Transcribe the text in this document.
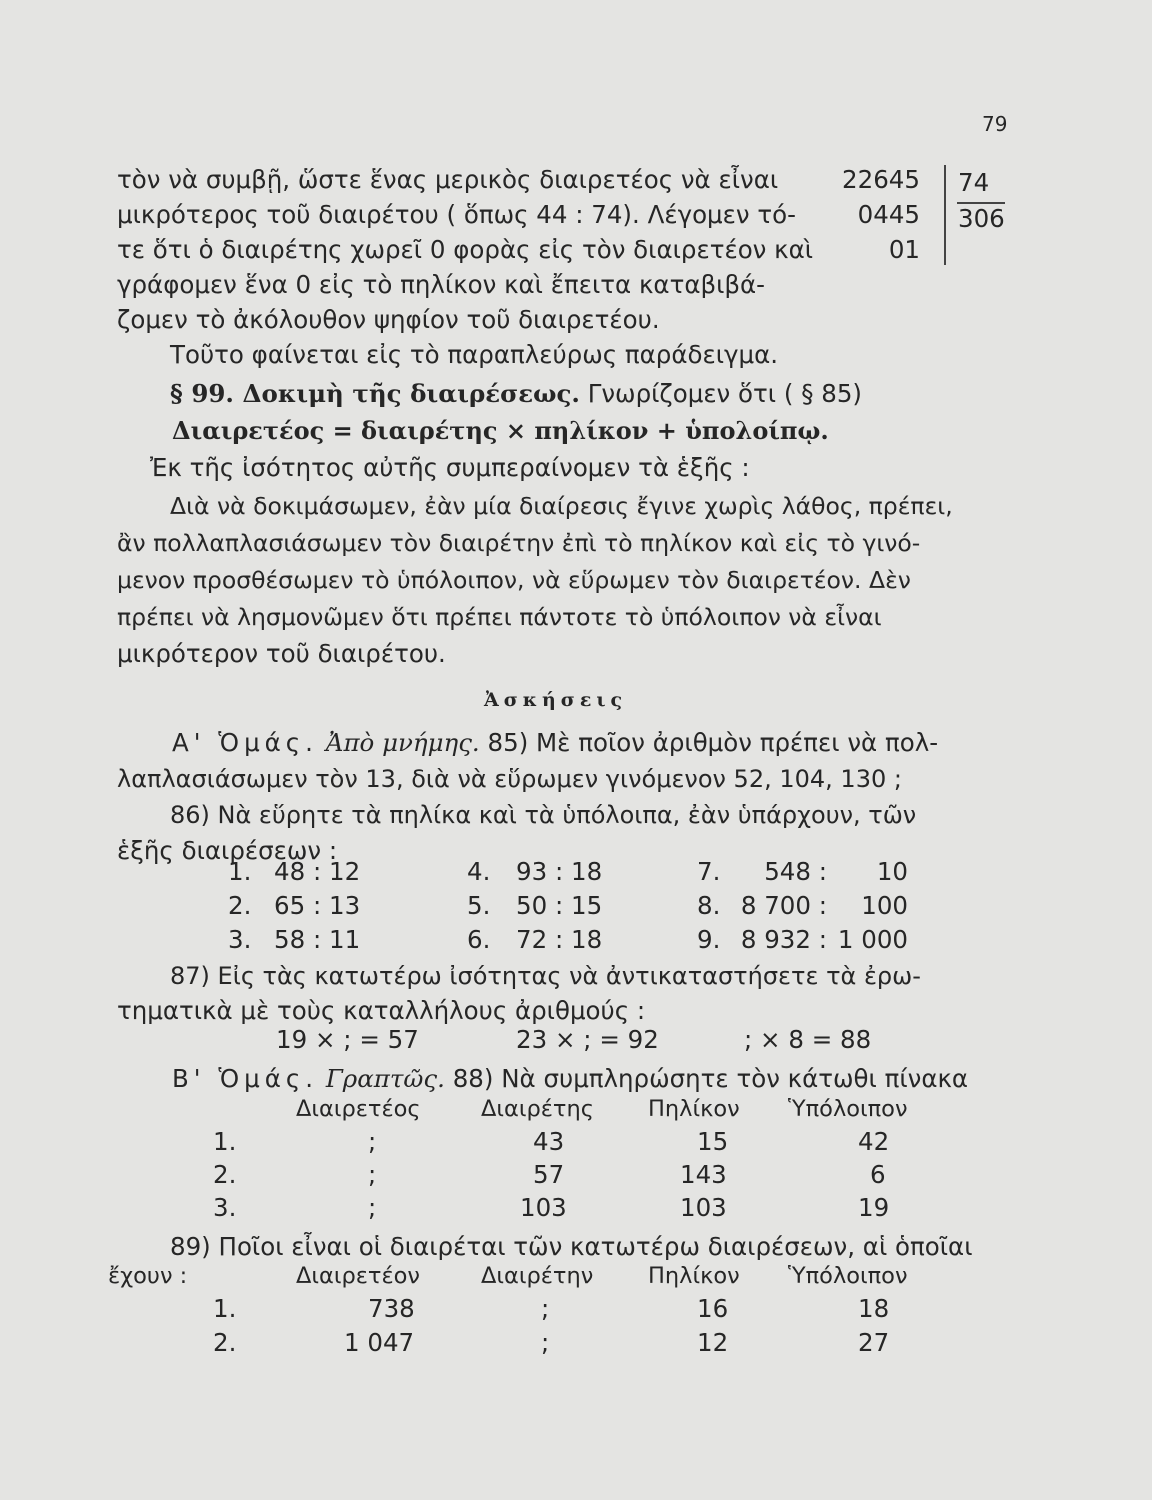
79
τὸν νὰ συμβῇ, ὥστε ἕνας μερικὸς διαιρετέος νὰ εἶναι
μικρότερος τοῦ διαιρέτου ( ὅπως 44 : 74). Λέγομεν τό-
τε ὅτι ὁ διαιρέτης χωρεῖ 0 φορὰς εἰς τὸν διαιρετέον καὶ
γράφομεν ἕνα 0 εἰς τὸ πηλίκον καὶ ἔπειτα καταβιβά-
ζομεν τὸ ἀκόλουθον ψηφίον τοῦ διαιρετέου.
Τοῦτο φαίνεται εἰς τὸ παραπλεύρως παράδειγμα.
22645
0445
01
74
306
§ 99. Δοκιμὴ τῆς διαιρέσεως. Γνωρίζομεν ὅτι ( § 85)
Διαιρετέος = διαιρέτης × πηλίκον + ὑπολοίπῳ.
Ἐκ τῆς ἰσότητος αὐτῆς συμπεραίνομεν τὰ ἑξῆς :
Διὰ νὰ δοκιμάσωμεν, ἐὰν μία διαίρεσις ἔγινε χωρὶς λάθος, πρέπει,
ἂν πολλαπλασιάσωμεν τὸν διαιρέτην ἐπὶ τὸ πηλίκον καὶ εἰς τὸ γινό-
μενον προσθέσωμεν τὸ ὑπόλοιπον, νὰ εὕρωμεν τὸν διαιρετέον. Δὲν
πρέπει νὰ λησμονῶμεν ὅτι πρέπει πάντοτε τὸ ὑπόλοιπον νὰ εἶναι
μικρότερον τοῦ διαιρέτου.
Ἀσκήσεις
Α' Ὁμάς. Ἀπὸ μνήμης. 85) Μὲ ποῖον ἀριθμὸν πρέπει νὰ πολ-
λαπλασιάσωμεν τὸν 13, διὰ νὰ εὕρωμεν γινόμενον 52, 104, 130 ;
86) Νὰ εὕρητε τὰ πηλίκα καὶ τὰ ὑπόλοιπα, ἐὰν ὑπάρχουν, τῶν
ἑξῆς διαιρέσεων :
1. 48 : 12	4. 93 : 18	7. 548 : 10
2. 65 : 13	5. 50 : 15	8. 8 700 : 100
3. 58 : 11	6. 72 : 18	9. 8 932 : 1 000
87) Εἰς τὰς κατωτέρω ἰσότητας νὰ ἀντικαταστήσετε τὰ ἐρω-
τηματικὰ μὲ τοὺς καταλλήλους ἀριθμούς :
19 × ; = 57	23 × ; = 92	; × 8 = 88
Β' Ὁμάς. Γραπτῶς. 88) Νὰ συμπληρώσητε τὸν κάτωθι πίνακα
Διαιρετέος	Διαιρέτης Πηλίκον Ὑπόλοιπον
1.	;	43	15	42
2.	;	57	143	6
3.	;	103	103	19
89) Ποῖοι εἶναι οἱ διαιρέται τῶν κατωτέρω διαιρέσεων, αἱ ὁποῖαι
ἔχουν :	Διαιρετέον	Διαιρέτην Πηλίκον Ὑπόλοιπον
1.	738	;	16	18
2.	1 047	;	12	27
